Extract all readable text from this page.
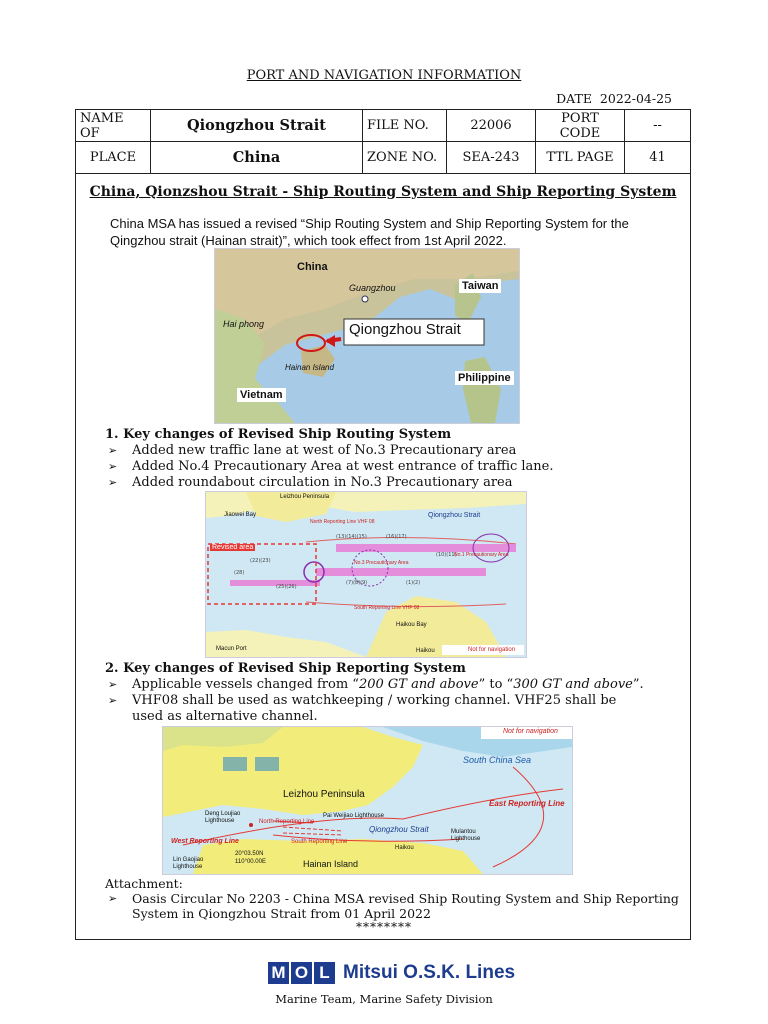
PORT AND NAVIGATION INFORMATION
DATE 2022-04-25
NAME OF	Qiongzhou Strait	FILE NO.	22006	PORT CODE	--
PLACE	China	ZONE NO.	SEA-243	TTL PAGE	41
China, Qionzshou Strait - Ship Routing System and Ship Reporting System
China MSA has issued a revised “Ship Routing System and Ship Reporting System for the Qingzhou strait (Hainan strait)”, which took effect from 1st April 2022.
China
Guangzhou	Taiwan
Hai phong	Qiongzhou Strait
Hainan Island
Vietnam
Philippine
1. Key changes of Revised Ship Routing System
➢	Added new traffic lane at west of No.3 Precautionary area
➢	Added No.4 Precautionary Area at west entrance of traffic lane.
➢	Added roundabout circulation in No.3 Precautionary area
(13)(14)(15)	(16)(17)
(22)(23)
(25)(26)
(7)(8)(9)	(1)(2)
(28)
(10)(11)
Leizhou Peninsula
Jiaowei Bay	Qiongzhou Strait
North Reporting Line VHF 08
Revised area
No.1 Precautionary Area
No.3 Precautionary Area
South Reporting Line VHF 08
Haikou Bay
Macun Port	Haikou	Not for navigation
2. Key changes of Revised Ship Reporting System
➢	Applicable vessels changed from “200 GT and above” to “300 GT and above”.
➢	VHF08 shall be used as watchkeeping / working channel. VHF25 shall be
used as alternative channel.
Not for navigation
South China Sea
Leizhou Peninsula
East Reporting Line
Deng Loujiao Lighthouse
Pai Weijiao Lighthouse
North Reporting Line
Qiongzhou Strait	Mulantou Lighthouse
West Reporting Line	South Reporting Line
Haikou
Lin Gaojiao Lighthouse
20°03.50N
110°00.00E	Hainan Island
Attachment:
➢	Oasis Circular No 2203 - China MSA revised Ship Routing System and Ship Reporting
System in Qiongzhou Strait from 01 April 2022
********
M O L Mitsui O.S.K. Lines
Marine Team, Marine Safety Division
